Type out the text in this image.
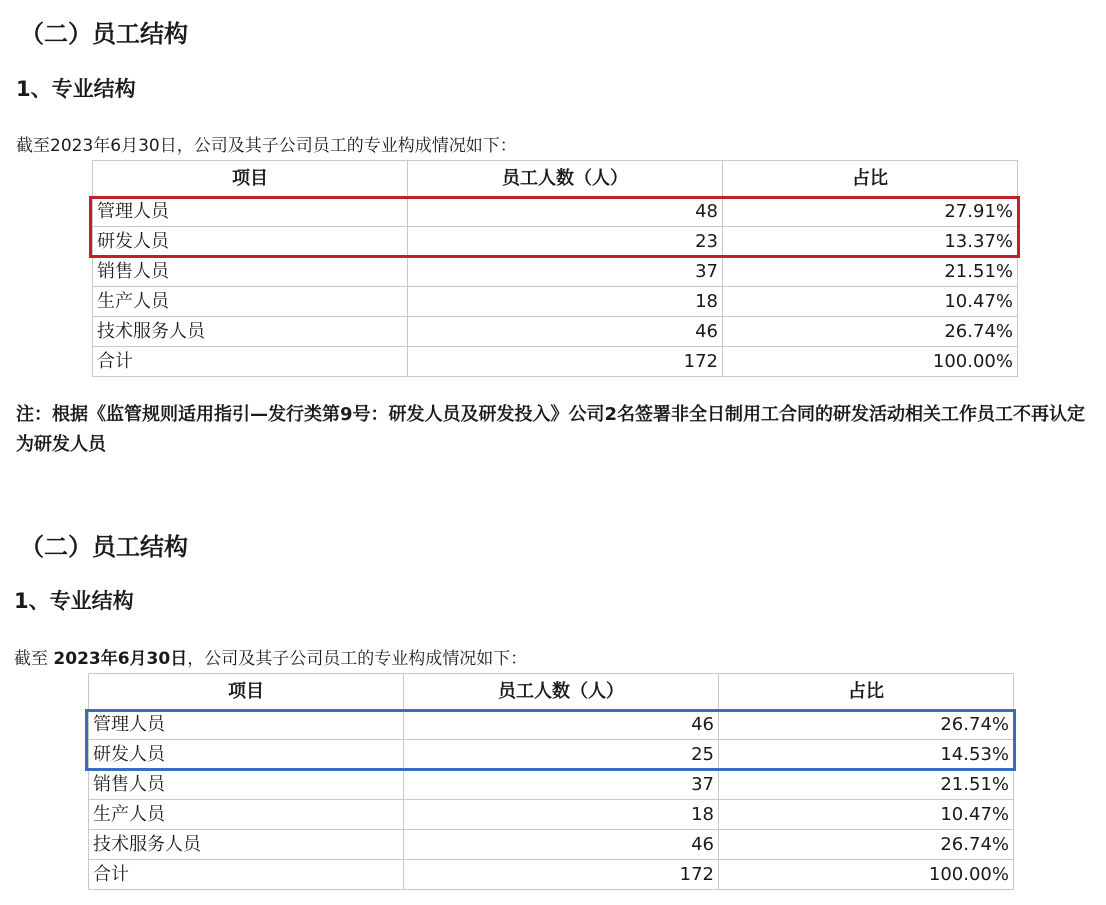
（二）员工结构
1、专业结构
截至2023年6月30日，公司及其子公司员工的专业构成情况如下：
项目	员工人数（人）	占比
管理人员	48	27.91%
研发人员	23	13.37%
销售人员	37	21.51%
生产人员	18	10.47%
技术服务人员	46	26.74%
合计	172	100.00%
注：根据《监管规则适用指引—发行类第9号：研发人员及研发投入》公司2名签署非全日制用工合同的研发活动相关工作员工不再认定为研发人员
（二）员工结构
1、专业结构
截至 2023年6月30日，公司及其子公司员工的专业构成情况如下：
项目	员工人数（人）	占比
管理人员	46	26.74%
研发人员	25	14.53%
销售人员	37	21.51%
生产人员	18	10.47%
技术服务人员	46	26.74%
合计	172	100.00%
